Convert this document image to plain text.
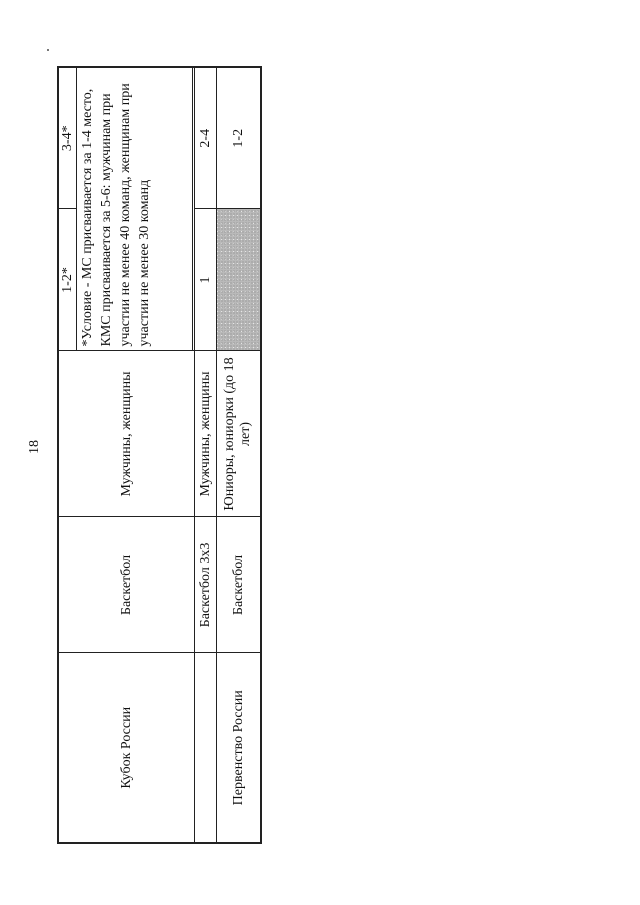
18
Кубок России	Баскетбол	Мужчины, женщины	1-2*	3-4*
			*Условие - МС присваивается за 1-4 место, КМС присваивается за 5-6: мужчинам при участии не менее 40 команд, женщинам при участии не менее 30 команд	

	Баскетбол 3х3	Мужчины, женщины	1	2-4
Первенство России	Баскетбол	Юниоры, юниорки (до 18 лет)		1-2
